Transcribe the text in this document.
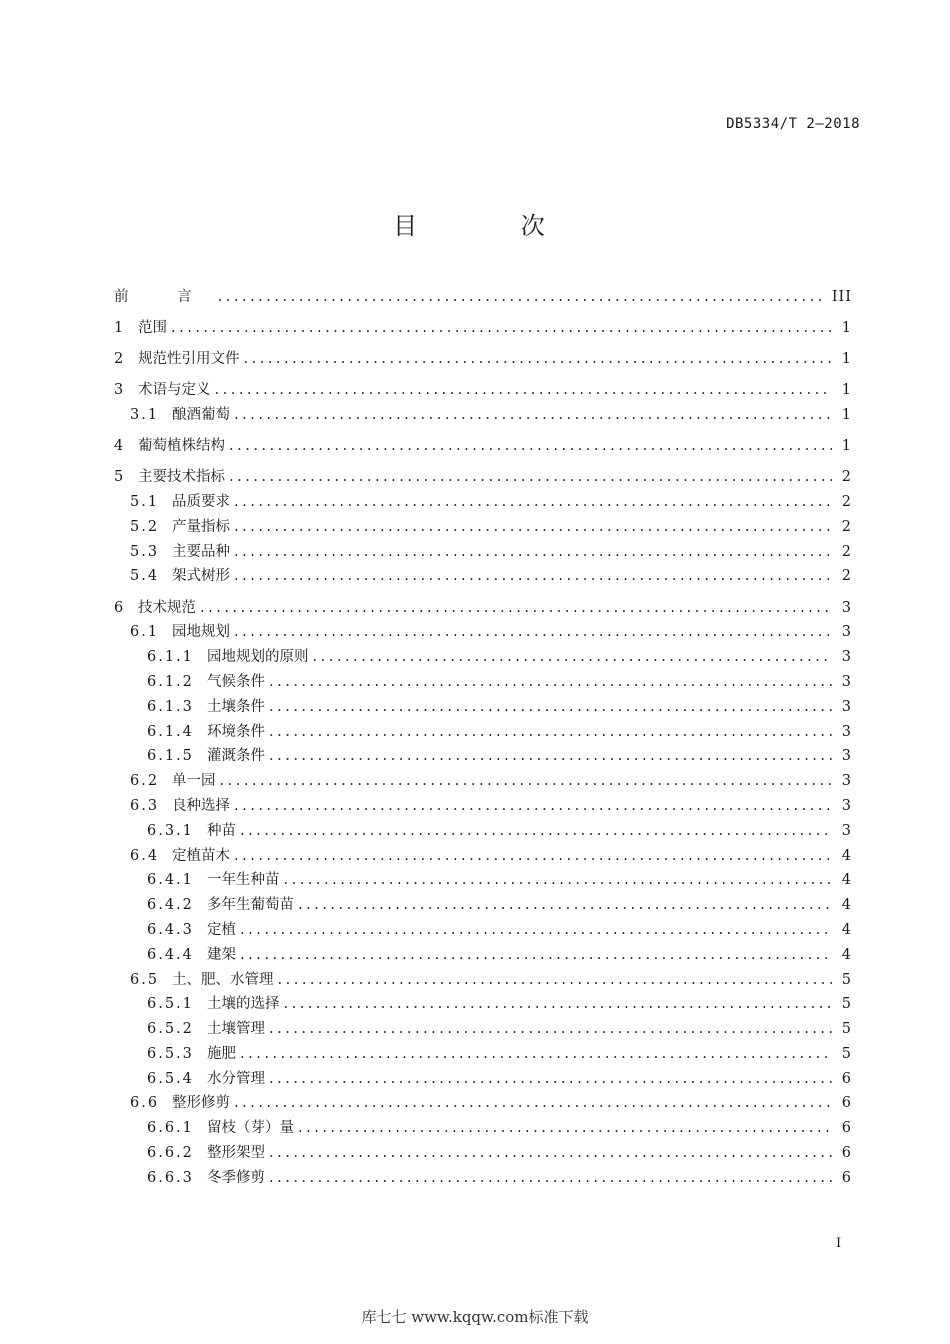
DB5334/T 2—2018
目 次
前 言 .....	III
1 范围 .....	1
2 规范性引用文件 .....	1
3 术语与定义 .....	1
3.1 酿酒葡萄 .....	1
4 葡萄植株结构 .....	1
5 主要技术指标 .....	2
5.1 品质要求 .....	2
5.2 产量指标 .....	2
5.3 主要品种 .....	2
5.4 架式树形 .....	2
6 技术规范 .....	3
6.1 园地规划 .....	3
6.1.1 园地规划的原则 .....	3
6.1.2 气候条件 .....	3
6.1.3 土壤条件 .....	3
6.1.4 环境条件 .....	3
6.1.5 灌溉条件 .....	3
6.2 单一园 .....	3
6.3 良种选择 .....	3
6.3.1 种苗 .....	3
6.4 定植苗木 .....	4
6.4.1 一年生种苗 .....	4
6.4.2 多年生葡萄苗 .....	4
6.4.3 定植 .....	4
6.4.4 建架 .....	4
6.5 土、肥、水管理 .....	5
6.5.1 土壤的选择 .....	5
6.5.2 土壤管理 .....	5
6.5.3 施肥 .....	5
6.5.4 水分管理 .....	6
6.6 整形修剪 .....	6
6.6.1 留枝（芽）量 .....	6
6.6.2 整形架型 .....	6
6.6.3 冬季修剪 .....	6
I
库七七 www.kqqw.com标准下载
